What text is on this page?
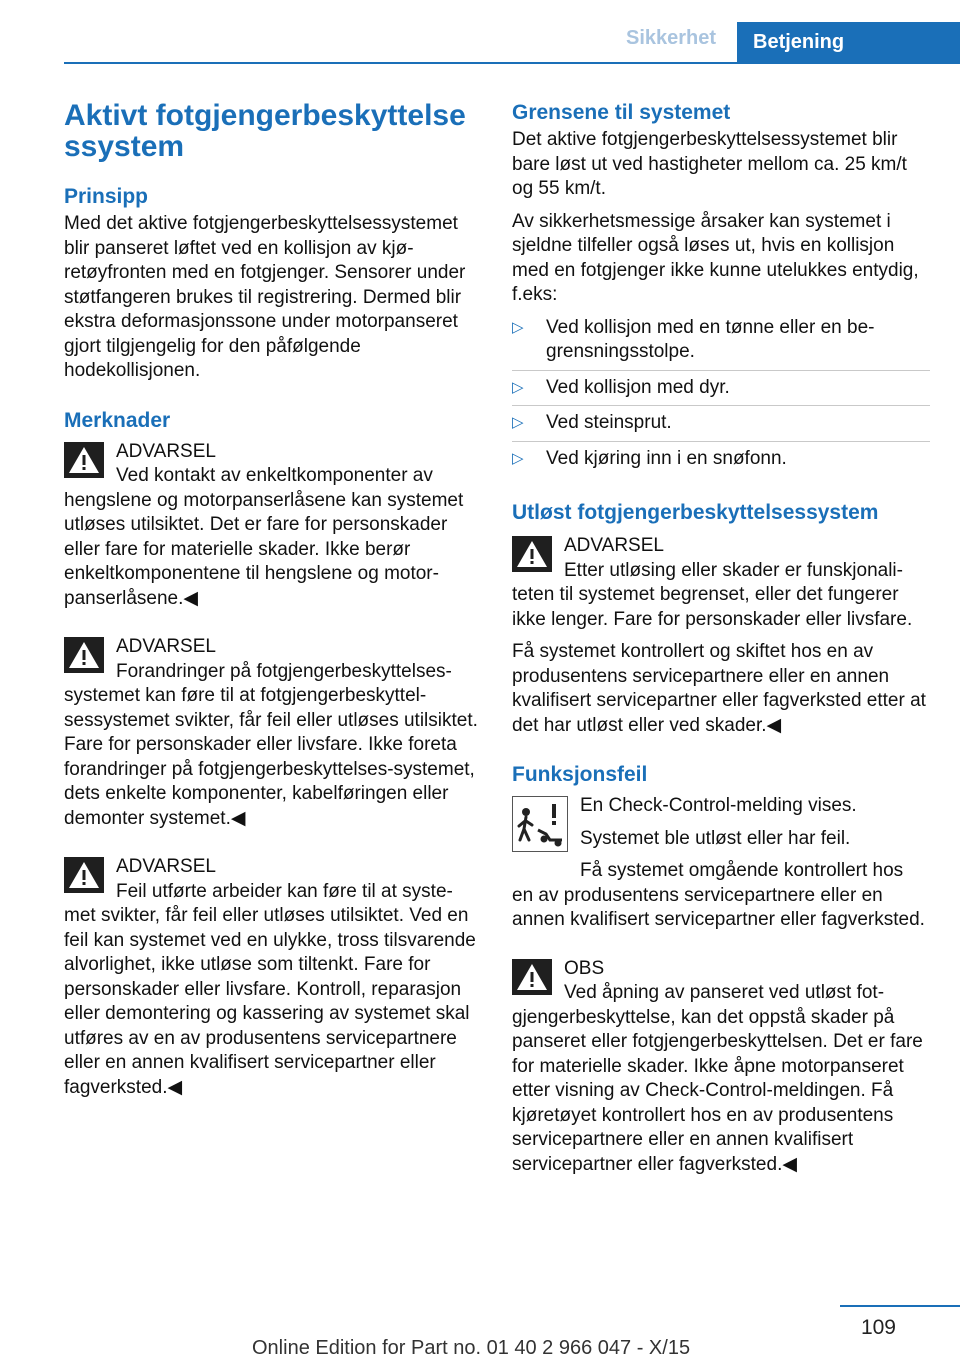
Sikkerhet	Betjening
Aktivt fotgjengerbeskyttelsessystem
Prinsipp

Med det aktive fotgjengerbeskyttelsessystemet blir panseret løftet ved en kollisjon av kjøretøyfronten med en fotgjenger. Sensorer under støtfangeren brukes til registrering. Dermed blir ekstra deformasjonssone under motorpanseret gjort tilgjengelig for den påfølgende hodekollisjonen.

Merknader
ADVARSEL
Ved kontakt av enkeltkomponenter av
hengslene og motorpanserlåsene kan systemet utløses utilsiktet. Det er fare for personskader eller fare for materielle skader. Ikke berør enkeltkomponentene til hengslene og motorpanserlåsene.◀
ADVARSEL
Forandringer på fotgjengerbeskyttelses-
systemet kan føre til at fotgjengerbeskyttelsessystemet svikter, får feil eller utløses utilsiktet. Fare for personskader eller livsfare. Ikke foreta forandringer på fotgjengerbeskyttelses-systemet, dets enkelte komponenter, kabelføringen eller demonter systemet.◀
ADVARSEL
Feil utførte arbeider kan føre til at syste-
met svikter, får feil eller utløses utilsiktet. Ved en feil kan systemet ved en ulykke, tross tilsvarende alvorlighet, ikke utløse som tiltenkt. Fare for personskader eller livsfare. Kontroll, reparasjon eller demontering og kassering av systemet skal utføres av en av produsentens servicepartnere eller en annen kvalifisert servicepartner eller fagverksted.◀
Grensene til systemet

Det aktive fotgjengerbeskyttelsessystemet blir bare løst ut ved hastigheter mellom ca. 25 km/t og 55 km/t.

Av sikkerhetsmessige årsaker kan systemet i sjeldne tilfeller også løses ut, hvis en kollisjon med en fotgjenger ikke kunne utelukkes entydig, f.eks:

▷ Ved kollisjon med en tønne eller en begrensningsstolpe.
▷ Ved kollisjon med dyr.
▷ Ved steinsprut.
▷ Ved kjøring inn i en snøfonn.
Utløst fotgjengerbeskyttelsessystem
ADVARSEL
Etter utløsing eller skader er funskjonali-
teten til systemet begrenset, eller det fungerer ikke lenger. Fare for personskader eller livsfare.

Få systemet kontrollert og skiftet hos en av produsentens servicepartnere eller en annen kvalifisert servicepartner eller fagverksted etter at det har utløst eller ved skader.◀

Funksjonsfeil
En Check-Control-melding vises.
Systemet ble utløst eller har feil.
Få systemet omgående kontrollert hos
en av produsentens servicepartnere eller en annen kvalifisert servicepartner eller fagverksted.
OBS
Ved åpning av panseret ved utløst fot-
gjengerbeskyttelse, kan det oppstå skader på panseret eller fotgjengerbeskyttelsen. Det er fare for materielle skader. Ikke åpne motorpanseret etter visning av Check-Control-meldingen. Få kjøretøyet kontrollert hos en av produsentens servicepartnere eller en annen kvalifisert servicepartner eller fagverksted.◀
109
Online Edition for Part no. 01 40 2 966 047 - X/15
